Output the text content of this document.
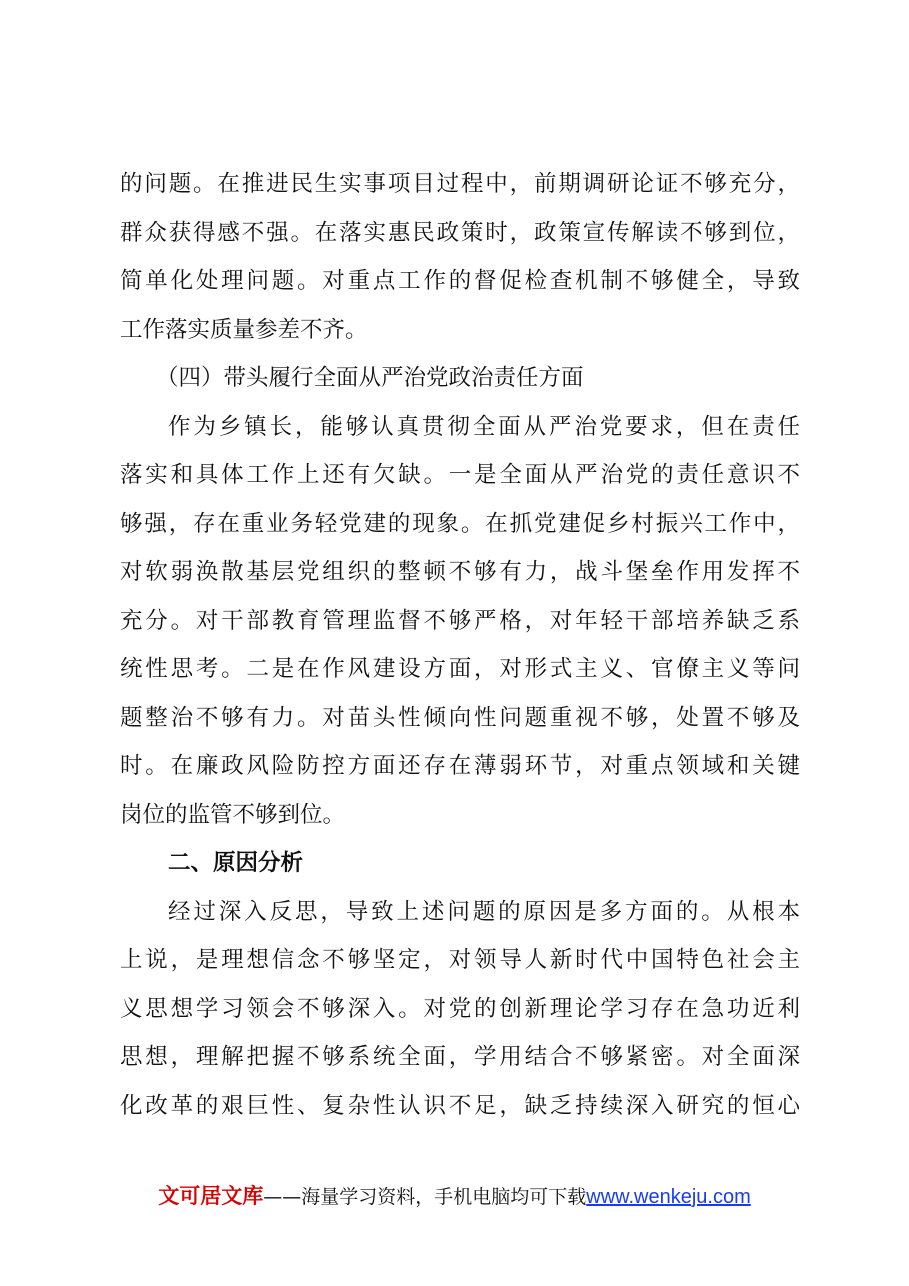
的问题。在推进民生实事项目过程中，前期调研论证不够充分，
群众获得感不强。在落实惠民政策时，政策宣传解读不够到位，
简单化处理问题。对重点工作的督促检查机制不够健全，导致
工作落实质量参差不齐。
（四）带头履行全面从严治党政治责任方面
作为乡镇长，能够认真贯彻全面从严治党要求，但在责任
落实和具体工作上还有欠缺。一是全面从严治党的责任意识不
够强，存在重业务轻党建的现象。在抓党建促乡村振兴工作中，
对软弱涣散基层党组织的整顿不够有力，战斗堡垒作用发挥不
充分。对干部教育管理监督不够严格，对年轻干部培养缺乏系
统性思考。二是在作风建设方面，对形式主义、官僚主义等问
题整治不够有力。对苗头性倾向性问题重视不够，处置不够及
时。在廉政风险防控方面还存在薄弱环节，对重点领域和关键
岗位的监管不够到位。
二、原因分析
经过深入反思，导致上述问题的原因是多方面的。从根本
上说，是理想信念不够坚定，对领导人新时代中国特色社会主
义思想学习领会不够深入。对党的创新理论学习存在急功近利
思想，理解把握不够系统全面，学用结合不够紧密。对全面深
化改革的艰巨性、复杂性认识不足，缺乏持续深入研究的恒心
文可居文库——海量学习资料，手机电脑均可下载www.wenkeju.com
